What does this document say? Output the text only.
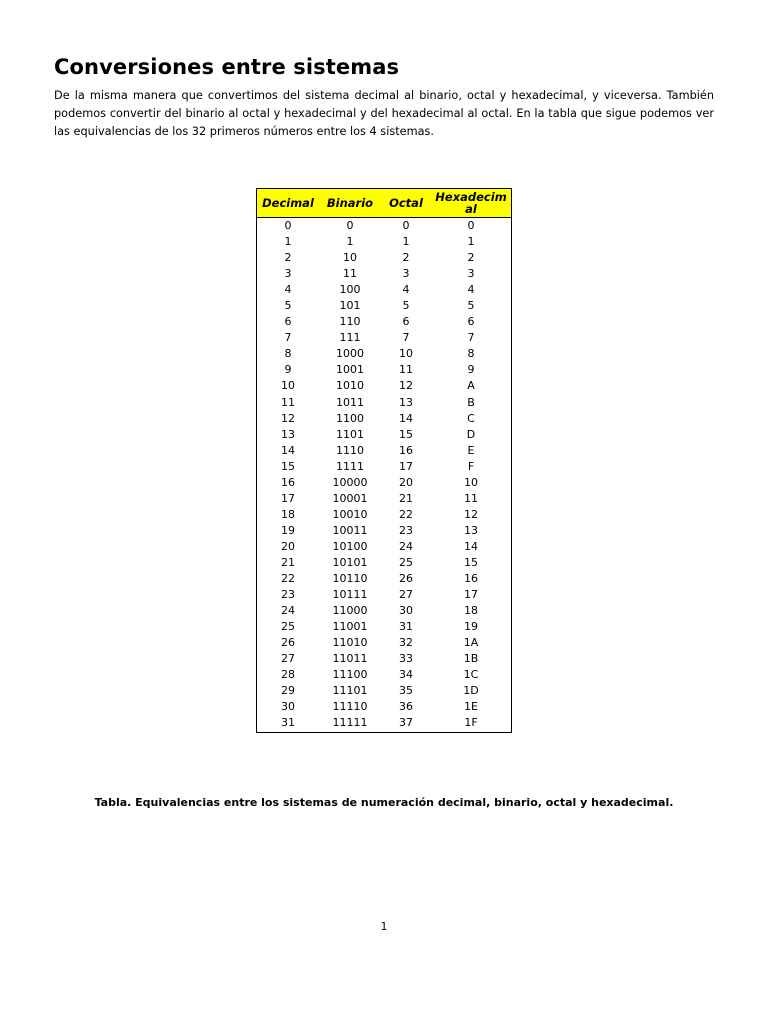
Conversiones entre sistemas

De la misma manera que convertimos del sistema decimal al binario, octal y hexadecimal, y viceversa. También podemos convertir del binario al octal y hexadecimal y del hexadecimal al octal. En la tabla que sigue podemos ver las equivalencias de los 32 primeros números entre los 4 sistemas.

Decimal	Binario	Octal	Hexadecim
al
0	0	0	0
1	1	1	1
2	10	2	2
3	11	3	3
4	100	4	4
5	101	5	5
6	110	6	6
7	111	7	7
8	1000	10	8
9	1001	11	9
10	1010	12	A
11	1011	13	B
12	1100	14	C
13	1101	15	D
14	1110	16	E
15	1111	17	F
16	10000	20	10
17	10001	21	11
18	10010	22	12
19	10011	23	13
20	10100	24	14
21	10101	25	15
22	10110	26	16
23	10111	27	17
24	11000	30	18
25	11001	31	19
26	11010	32	1A
27	11011	33	1B
28	11100	34	1C
29	11101	35	1D
30	11110	36	1E
31	11111	37	1F

Tabla. Equivalencias entre los sistemas de numeración decimal, binario, octal y hexadecimal.

1
